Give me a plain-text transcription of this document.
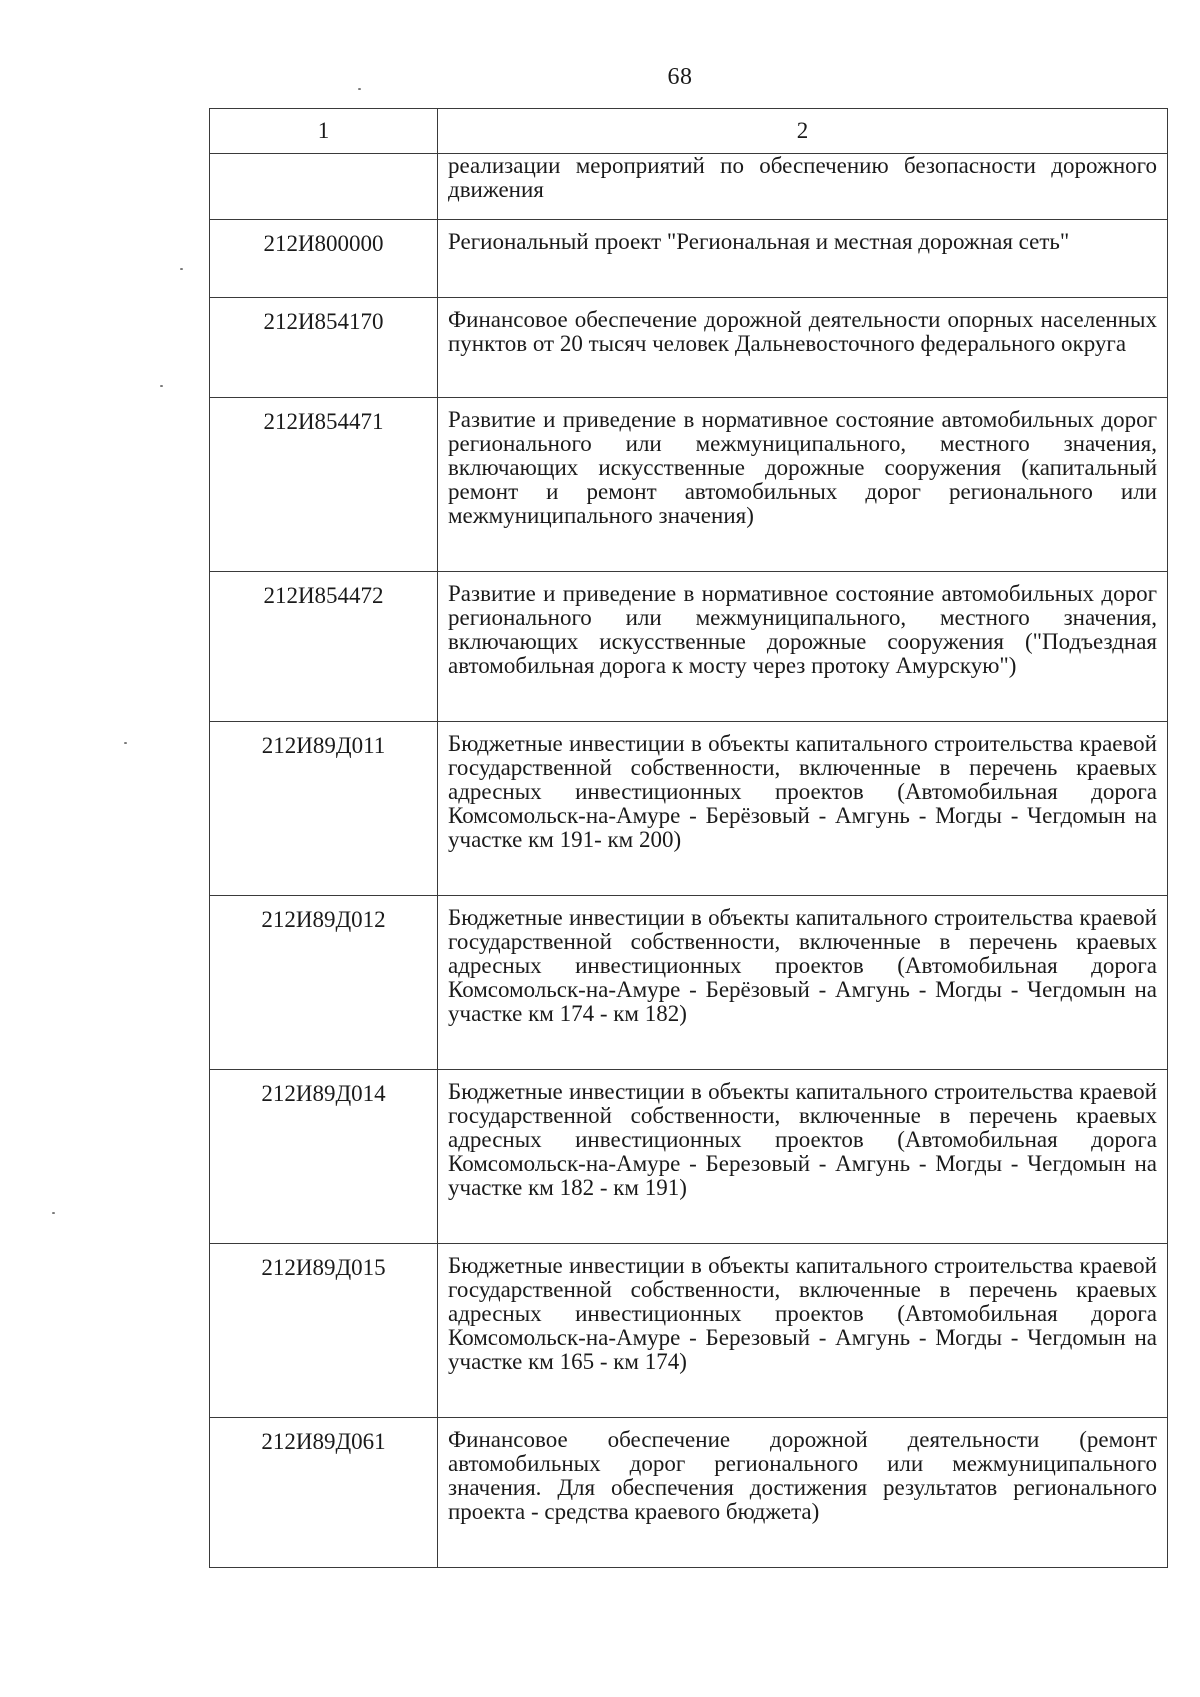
68
1	2
	реализации мероприятий по обеспечению безопасности дорожного движения
212И800000	Региональный проект "Региональная и местная дорожная сеть"
212И854170	Финансовое обеспечение дорожной деятельности опорных населенных пунктов от 20 тысяч человек Дальневосточного федерального округа
212И854471	Развитие и приведение в нормативное состояние автомобильных дорог регионального или межмуниципального, местного значения, включающих искусственные дорожные сооружения (капитальный ремонт и ремонт автомобильных дорог регионального или межмуниципального значения)
212И854472	Развитие и приведение в нормативное состояние автомобильных дорог регионального или межмуниципального, местного значения, включающих искусственные дорожные сооружения ("Подъездная автомобильная дорога к мосту через протоку Амурскую")
212И89Д011	Бюджетные инвестиции в объекты капитального строительства краевой государственной собственности, включенные в перечень краевых адресных инвестиционных проектов (Автомобильная дорога Комсомольск-на-Амуре - Берёзовый - Амгунь - Могды - Чегдомын на участке км 191- км 200)
212И89Д012	Бюджетные инвестиции в объекты капитального строительства краевой государственной собственности, включенные в перечень краевых адресных инвестиционных проектов (Автомобильная дорога Комсомольск-на-Амуре - Берёзовый - Амгунь - Могды - Чегдомын на участке км 174 - км 182)
212И89Д014	Бюджетные инвестиции в объекты капитального строительства краевой государственной собственности, включенные в перечень краевых адресных инвестиционных проектов (Автомобильная дорога Комсомольск-на-Амуре - Березовый - Амгунь - Могды - Чегдомын на участке км 182 - км 191)
212И89Д015	Бюджетные инвестиции в объекты капитального строительства краевой государственной собственности, включенные в перечень краевых адресных инвестиционных проектов (Автомобильная дорога Комсомольск-на-Амуре - Березовый - Амгунь - Могды - Чегдомын на участке км 165 - км 174)
212И89Д061	Финансовое обеспечение дорожной деятельности (ремонт автомобильных дорог регионального или межмуниципального значения. Для обеспечения достижения результатов регионального проекта - средства краевого бюджета)
